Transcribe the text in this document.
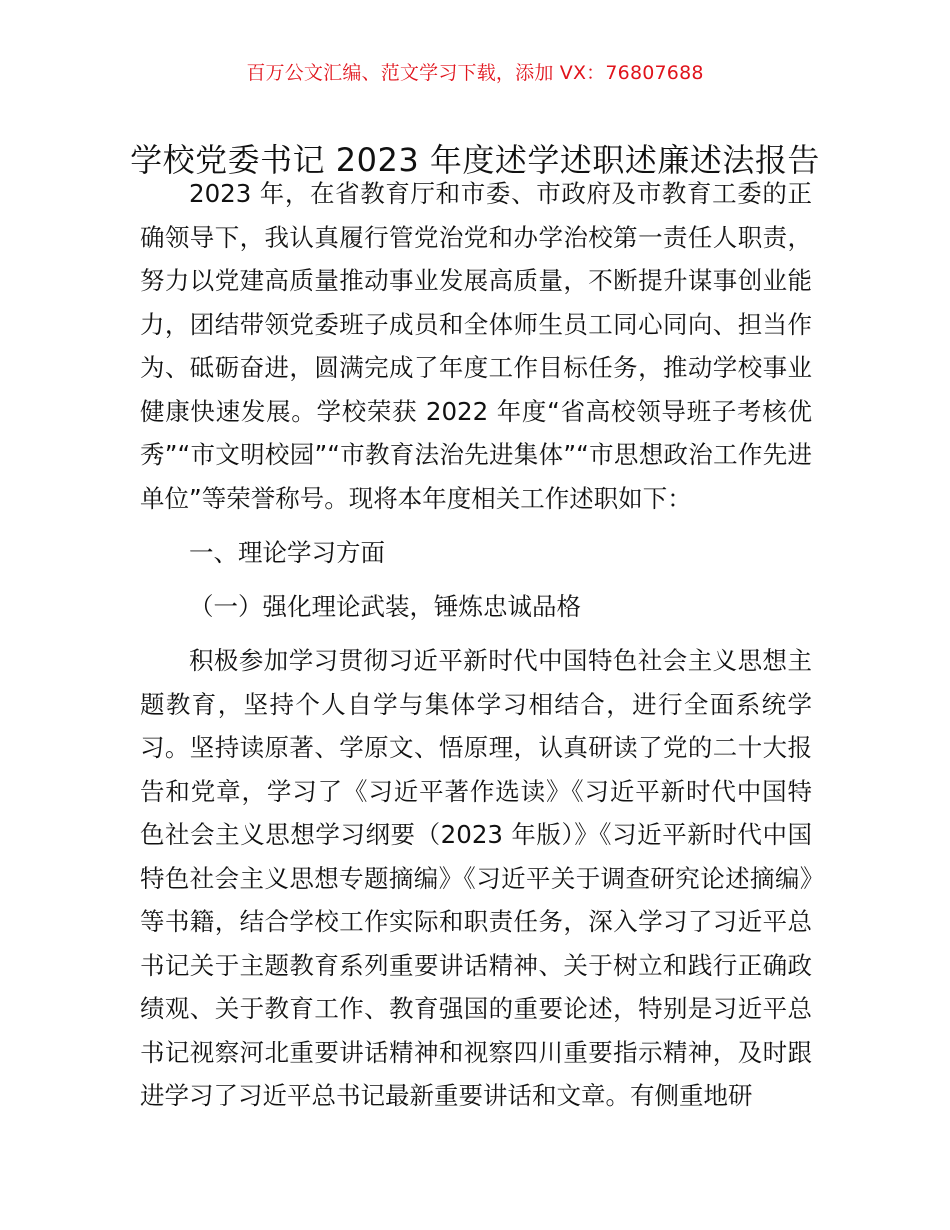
百万公文汇编、范文学习下载，添加 VX：76807688
学校党委书记 2023 年度述学述职述廉述法报告

2023 年，在省教育厅和市委、市政府及市教育工委的正确领导下，我认真履行管党治党和办学治校第一责任人职责，努力以党建高质量推动事业发展高质量，不断提升谋事创业能力，团结带领党委班子成员和全体师生员工同心同向、担当作为、砥砺奋进，圆满完成了年度工作目标任务，推动学校事业健康快速发展。学校荣获 2022 年度“省高校领导班子考核优秀”“市文明校园”“市教育法治先进集体”“市思想政治工作先进单位”等荣誉称号。现将本年度相关工作述职如下：

一、理论学习方面
（一）强化理论武装，锤炼忠诚品格

积极参加学习贯彻习近平新时代中国特色社会主义思想主题教育，坚持个人自学与集体学习相结合，进行全面系统学习。坚持读原著、学原文、悟原理，认真研读了党的二十大报告和党章，学习了《习近平著作选读》《习近平新时代中国特色社会主义思想学习纲要（2023 年版）》《习近平新时代中国特色社会主义思想专题摘编》《习近平关于调查研究论述摘编》等书籍，结合学校工作实际和职责任务，深入学习了习近平总书记关于主题教育系列重要讲话精神、关于树立和践行正确政绩观、关于教育工作、教育强国的重要论述，特别是习近平总书记视察河北重要讲话精神和视察四川重要指示精神，及时跟进学习了习近平总书记最新重要讲话和文章。有侧重地研
